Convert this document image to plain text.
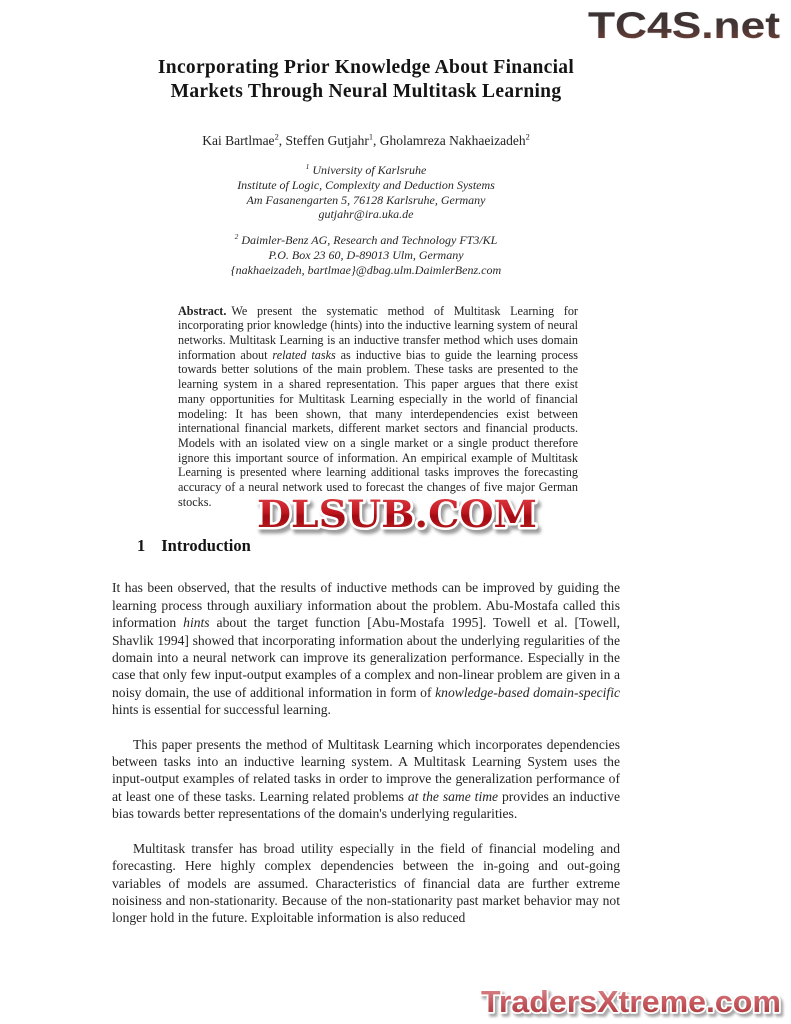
TC4S.net
DLSUB.COM
TradersXtreme.com
Incorporating Prior Knowledge About Financial
Markets Through Neural Multitask Learning
Kai Bartlmae$^2$, Steffen Gutjahr$^1$, Gholamreza Nakhaeizadeh$^2$
$^1$ University of Karlsruhe
Institute of Logic, Complexity and Deduction Systems
Am Fasanengarten 5, 76128 Karlsruhe, Germany
gutjahr@ira.uka.de
$^2$ Daimler-Benz AG, Research and Technology FT3/KL
P.O. Box 23 60, D-89013 Ulm, Germany
{nakhaeizadeh, bartlmae}@dbag.ulm.DaimlerBenz.com

Abstract. We present the systematic method of Multitask Learning for incorporating prior knowledge (hints) into the inductive learning system of neural networks. Multitask Learning is an inductive transfer method which uses domain information about related tasks as inductive bias to guide the learning process towards better solutions of the main problem. These tasks are presented to the learning system in a shared representation. This paper argues that there exist many opportunities for Multitask Learning especially in the world of financial modeling: It has been shown, that many interdependencies exist between international financial markets, different market sectors and financial products. Models with an isolated view on a single market or a single product therefore ignore this important source of information. An empirical example of Multitask Learning is presented where learning additional tasks improves the forecasting accuracy of a neural network used to forecast the changes of five major German stocks.

1 Introduction

It has been observed, that the results of inductive methods can be improved by guiding the learning process through auxiliary information about the problem. Abu-Mostafa called this information hints about the target function [Abu-Mostafa 1995]. Towell et al. [Towell, Shavlik 1994] showed that incorporating information about the underlying regularities of the domain into a neural network can improve its generalization performance. Especially in the case that only few input-output examples of a complex and non-linear problem are given in a noisy domain, the use of additional information in form of knowledge-based domain-specific hints is essential for successful learning.

This paper presents the method of Multitask Learning which incorporates dependencies between tasks into an inductive learning system. A Multitask Learning System uses the input-output examples of related tasks in order to improve the generalization performance of at least one of these tasks. Learning related problems at the same time provides an inductive bias towards better representations of the domain's underlying regularities.

Multitask transfer has broad utility especially in the field of financial modeling and forecasting. Here highly complex dependencies between the in-going and out-going variables of models are assumed. Characteristics of financial data are further extreme noisiness and non-stationarity. Because of the non-stationarity past market behavior may not longer hold in the future. Exploitable information is also reduced
